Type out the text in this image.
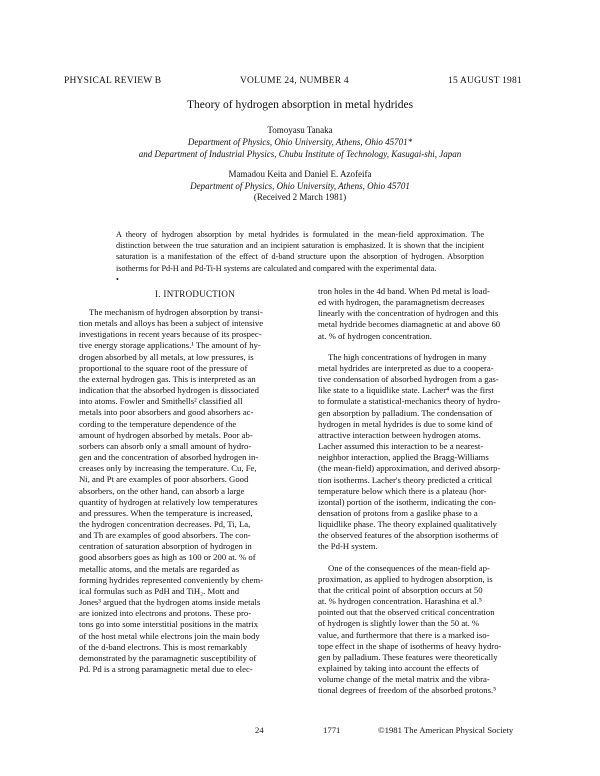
PHYSICAL REVIEW B	VOLUME 24, NUMBER 4	15 AUGUST 1981
Theory of hydrogen absorption in metal hydrides
Tomoyasu Tanaka
Department of Physics, Ohio University, Athens, Ohio 45701*
and Department of Industrial Physics, Chubu Institute of Technology, Kasugai-shi, Japan
Mamadou Keita and Daniel E. Azofeifa
Department of Physics, Ohio University, Athens, Ohio 45701
(Received 2 March 1981)
A theory of hydrogen absorption by metal hydrides is formulated in the mean-field approximation. The distinction between the true saturation and an incipient saturation is emphasized. It is shown that the incipient saturation is a manifestation of the effect of d-band structure upon the absorption of hydrogen. Absorption isotherms for Pd-H and Pd-Ti-H systems are calculated and compared with the experimental data.
•
I. INTRODUCTION
The mechanism of hydrogen absorption by transi-
tion metals and alloys has been a subject of intensive
investigations in recent years because of its prospec-
tive energy storage applications.¹ The amount of hy-
drogen absorbed by all metals, at low pressures, is
proportional to the square root of the pressure of
the external hydrogen gas. This is interpreted as an
indication that the absorbed hydrogen is dissociated
into atoms. Fowler and Smithells² classified all
metals into poor absorbers and good absorbers ac-
cording to the temperature dependence of the
amount of hydrogen absorbed by metals. Poor ab-
sorbers can absorb only a small amount of hydro-
gen and the concentration of absorbed hydrogen in-
creases only by increasing the temperature. Cu, Fe,
Ni, and Pt are examples of poor absorbers. Good
absorbers, on the other hand, can absorb a large
quantity of hydrogen at relatively low temperatures
and pressures. When the temperature is increased,
the hydrogen concentration decreases. Pd, Ti, La,
and Th are examples of good absorbers. The con-
centration of saturation absorption of hydrogen in
good absorbers goes as high as 100 or 200 at. % of
metallic atoms, and the metals are regarded as
forming hydrides represented conveniently by chem-
ical formulas such as PdH and TiH₂. Mott and
Jones³ argued that the hydrogen atoms inside metals
are ionized into electrons and protons. These pro-
tons go into some interstitial positions in the matrix
of the host metal while electrons join the main body
of the d-band electrons. This is most remarkably
demonstrated by the paramagnetic susceptibility of
Pd. Pd is a strong paramagnetic metal due to elec-
tron holes in the 4d band. When Pd metal is load-
ed with hydrogen, the paramagnetism decreases
linearly with the concentration of hydrogen and this
metal hydride becomes diamagnetic at and above 60
at. % of hydrogen concentration.
The high concentrations of hydrogen in many
metal hydrides are interpreted as due to a coopera-
tive condensation of absorbed hydrogen from a gas-
like state to a liquidlike state. Lacher⁴ was the first
to formulate a statistical-mechanics theory of hydro-
gen absorption by palladium. The condensation of
hydrogen in metal hydrides is due to some kind of
attractive interaction between hydrogen atoms.
Lacher assumed this interaction to be a nearest-
neighbor interaction, applied the Bragg-Williams
(the mean-field) approximation, and derived absorp-
tion isotherms. Lacher's theory predicted a critical
temperature below which there is a plateau (hor-
izontal) portion of the isotherm, indicating the con-
densation of protons from a gaslike phase to a
liquidlike phase. The theory explained qualitatively
the observed features of the absorption isotherms of
the Pd-H system.
One of the consequences of the mean-field ap-
proximation, as applied to hydrogen absorption, is
that the critical point of absorption occurs at 50
at. % hydrogen concentration. Harashina et al.⁵
pointed out that the observed critical concentration
of hydrogen is slightly lower than the 50 at. %
value, and furthermore that there is a marked iso-
tope effect in the shape of isotherms of heavy hydro-
gen by palladium. These features were theoretically
explained by taking into account the effects of
volume change of the metal matrix and the vibra-
tional degrees of freedom of the absorbed protons.⁵
24	1771	©1981 The American Physical Society
